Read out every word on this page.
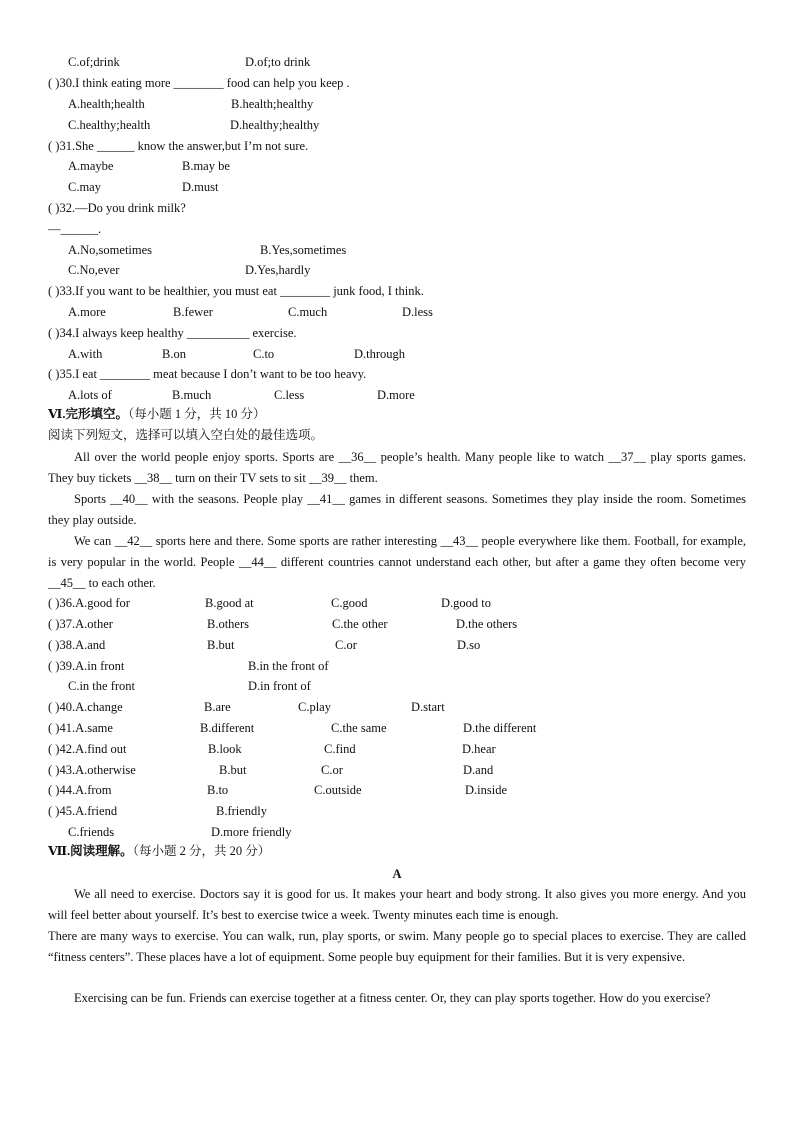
C.of;drink	D.of;to drink
( )30.I think eating more ________ food can help you keep .
A.health;health	B.health;healthy
C.healthy;health	D.healthy;healthy
( )31.She ______ know the answer,but I’m not sure.
A.maybe	B.may be
C.may	D.must
( )32.—Do you drink milk?
—______.
A.No,sometimes	B.Yes,sometimes
C.No,ever	D.Yes,hardly
( )33.If you want to be healthier, you must eat ________ junk food, I think.
A.more	B.fewer	C.much	D.less
( )34.I always keep healthy __________ exercise.
A.with	B.on	C.to	D.through
( )35.I eat ________ meat because I don’t want to be too heavy.
A.lots of	B.much	C.less	D.more
Ⅵ.完形填空。（每小题 1 分，共 10 分）
阅读下列短文，选择可以填入空白处的最佳选项。
All over the world people enjoy sports. Sports are __36__ people’s health. Many people like to watch __37__ play sports games. They buy tickets __38__ turn on their TV sets to sit __39__ them.
Sports __40__ with the seasons. People play __41__ games in different seasons. Sometimes they play inside the room. Sometimes they play outside.
We can __42__ sports here and there. Some sports are rather interesting __43__ people everywhere like them. Football, for example, is very popular in the world. People __44__ different countries cannot understand each other, but after a game they often become very __45__ to each other.
( )36.A.good for	B.good at	C.good	D.good to
( )37.A.other	B.others	C.the other	D.the others
( )38.A.and	B.but	C.or	D.so
( )39.A.in front	B.in the front of
C.in the front	D.in front of
( )40.A.change	B.are	C.play	D.start
( )41.A.same	B.different	C.the same	D.the different
( )42.A.find out	B.look	C.find	D.hear
( )43.A.otherwise	B.but	C.or	D.and
( )44.A.from	B.to	C.outside	D.inside
( )45.A.friend	B.friendly
C.friends	D.more friendly
Ⅶ.阅读理解。（每小题 2 分，共 20 分）
A
We all need to exercise. Doctors say it is good for us. It makes your heart and body strong. It also gives you more energy. And you will feel better about yourself. It’s best to exercise twice a week. Twenty minutes each time is enough.
There are many ways to exercise. You can walk, run, play sports, or swim. Many people go to special places to exercise. They are called “fitness centers”. These places have a lot of equipment. Some people buy equipment for their families. But it is very expensive.
Exercising can be fun. Friends can exercise together at a fitness center. Or, they can play sports together. How do you exercise?
